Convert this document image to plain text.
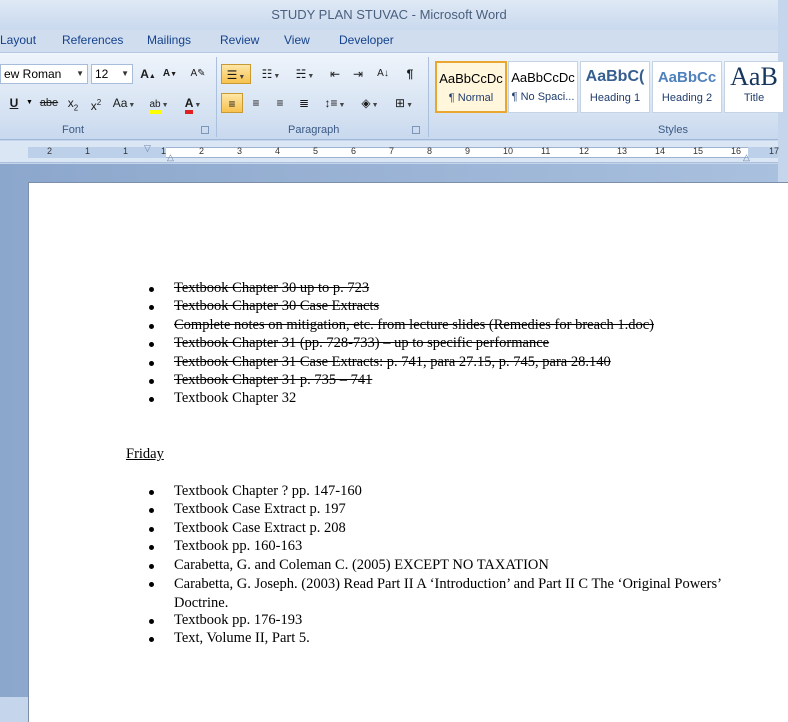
STUDY PLAN STUVAC - Microsoft Word
Layout References Mailings Review View Developer
ew Roman ▼ 12 ▼ A▲ A▼	A✎
U	▼ abe $x_2$	$x^2$ Aa▼	ab▼	A▼
Font
☰▼	☷▼	☵▼	⇤	⇥	A↓	¶
≡	≡	≡	≣	↕≡▼	◈▼	⊞▼
Paragraph
AaBbCcDc
¶ Normal
AaBbCcDc
¶ No Spaci...
AaBbC(
Heading 1
AaBbCc
Heading 2
AaB
Title
Styles
2	1	1	1	2	3	4	5	6	7	8	9	10	11	12	13	14	15	16	17
▽
△	△
Textbook Chapter 30 up to p. 723
Textbook Chapter 30 Case Extracts
Complete notes on mitigation, etc. from lecture slides (Remedies for breach 1.doc)
Textbook Chapter 31 (pp. 728-733) – up to specific performance
Textbook Chapter 31 Case Extracts: p. 741, para 27.15, p. 745, para 28.140
Textbook Chapter 31 p. 735 – 741
Textbook Chapter 32
Friday
Textbook Chapter ? pp. 147-160
Textbook Case Extract p. 197
Textbook Case Extract p. 208
Textbook pp. 160-163
Carabetta, G. and Coleman C. (2005) EXCEPT NO TAXATION
Carabetta, G. Joseph. (2003) Read Part II A ‘Introduction’ and Part II C The ‘Original Powers’ Doctrine.
Textbook pp. 176-193
Text, Volume II, Part 5.
